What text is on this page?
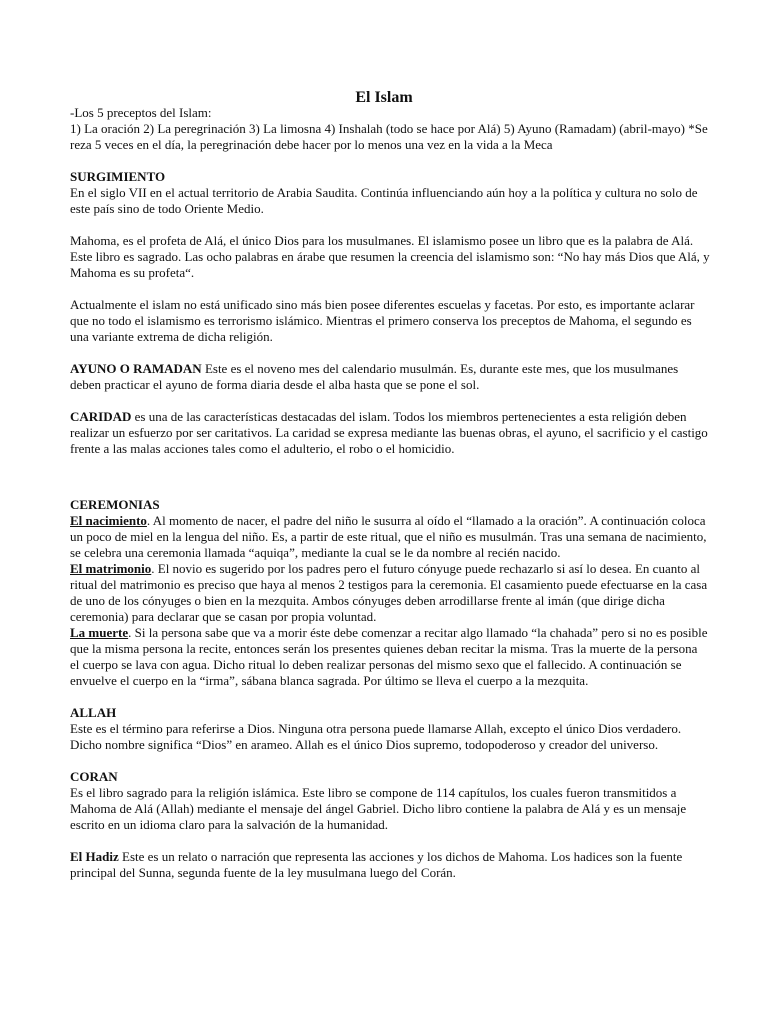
El Islam

-Los 5 preceptos del Islam:

1) La oración 2) La peregrinación 3) La limosna 4) Inshalah (todo se hace por Alá) 5) Ayuno (Ramadam) (abril-mayo) *Se reza 5 veces en el día, la peregrinación debe hacer por lo menos una vez en la vida a la Meca

SURGIMIENTO

En el siglo VII en el actual territorio de Arabia Saudita. Continúa influenciando aún hoy a la política y cultura no solo de este país sino de todo Oriente Medio.

Mahoma, es el profeta de Alá, el único Dios para los musulmanes. El islamismo posee un libro que es la palabra de Alá. Este libro es sagrado. Las ocho palabras en árabe que resumen la creencia del islamismo son: “No hay más Dios que Alá, y Mahoma es su profeta“.

Actualmente el islam no está unificado sino más bien posee diferentes escuelas y facetas. Por esto, es importante aclarar que no todo el islamismo es terrorismo islámico. Mientras el primero conserva los preceptos de Mahoma, el segundo es una variante extrema de dicha religión.

AYUNO O RAMADAN Este es el noveno mes del calendario musulmán. Es, durante este mes, que los musulmanes deben practicar el ayuno de forma diaria desde el alba hasta que se pone el sol.

CARIDAD es una de las características destacadas del islam. Todos los miembros pertenecientes a esta religión deben realizar un esfuerzo por ser caritativos. La caridad se expresa mediante las buenas obras, el ayuno, el sacrificio y el castigo frente a las malas acciones tales como el adulterio, el robo o el homicidio.

CEREMONIAS

El nacimiento. Al momento de nacer, el padre del niño le susurra al oído el “llamado a la oración”. A continuación coloca un poco de miel en la lengua del niño. Es, a partir de este ritual, que el niño es musulmán. Tras una semana de nacimiento, se celebra una ceremonia llamada “aquiqa”, mediante la cual se le da nombre al recién nacido.

El matrimonio. El novio es sugerido por los padres pero el futuro cónyuge puede rechazarlo si así lo desea. En cuanto al ritual del matrimonio es preciso que haya al menos 2 testigos para la ceremonia. El casamiento puede efectuarse en la casa de uno de los cónyuges o bien en la mezquita. Ambos cónyuges deben arrodillarse frente al imán (que dirige dicha ceremonia) para declarar que se casan por propia voluntad.

La muerte. Si la persona sabe que va a morir éste debe comenzar a recitar algo llamado “la chahada” pero si no es posible que la misma persona la recite, entonces serán los presentes quienes deban recitar la misma. Tras la muerte de la persona el cuerpo se lava con agua. Dicho ritual lo deben realizar personas del mismo sexo que el fallecido. A continuación se envuelve el cuerpo en la “irma”, sábana blanca sagrada. Por último se lleva el cuerpo a la mezquita.

ALLAH

Este es el término para referirse a Dios. Ninguna otra persona puede llamarse Allah, excepto el único Dios verdadero. Dicho nombre significa “Dios” en arameo. Allah es el único Dios supremo, todopoderoso y creador del universo.

CORAN

Es el libro sagrado para la religión islámica. Este libro se compone de 114 capítulos, los cuales fueron transmitidos a Mahoma de Alá (Allah) mediante el mensaje del ángel Gabriel. Dicho libro contiene la palabra de Alá y es un mensaje escrito en un idioma claro para la salvación de la humanidad.

El Hadiz Este es un relato o narración que representa las acciones y los dichos de Mahoma. Los hadices son la fuente principal del Sunna, segunda fuente de la ley musulmana luego del Corán.
